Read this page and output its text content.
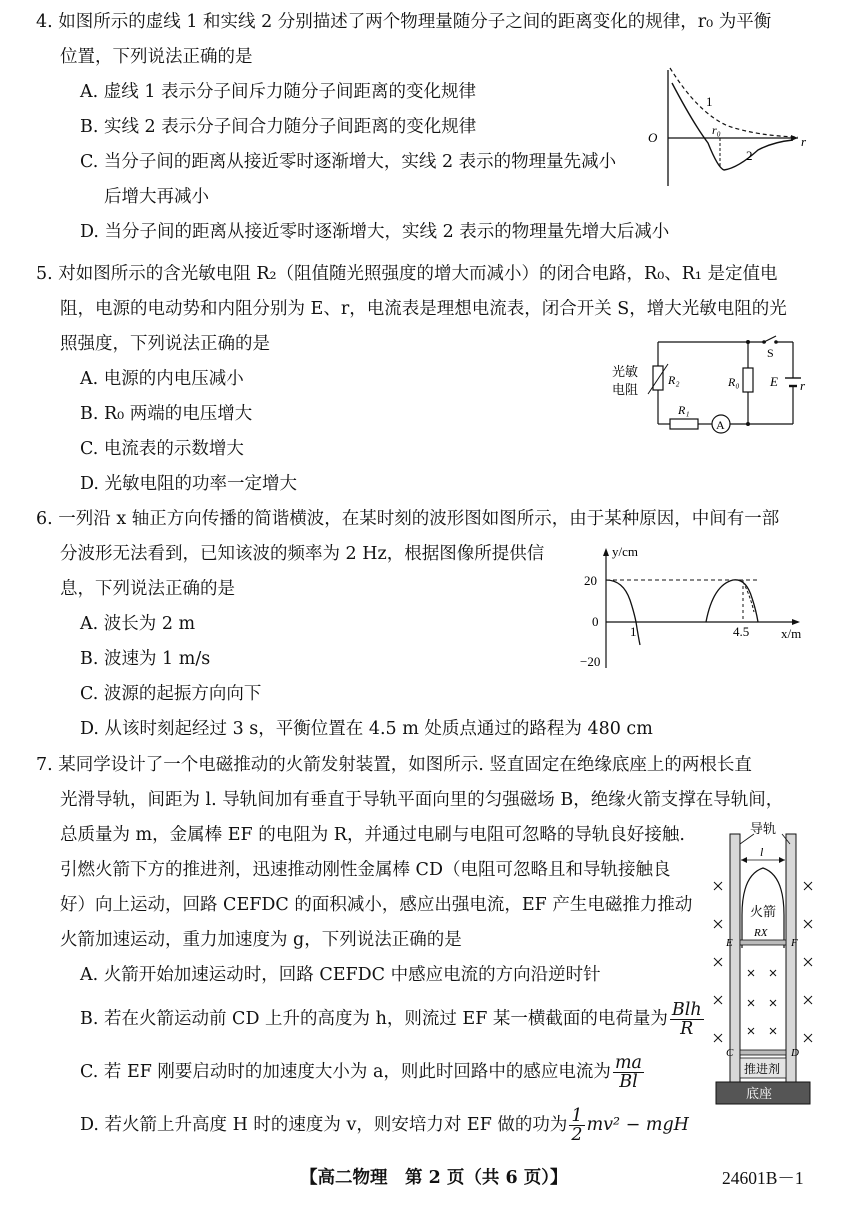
4. 如图所示的虚线 1 和实线 2 分别描述了两个物理量随分子之间的距离变化的规律，r₀ 为平衡
位置，下列说法正确的是
A. 虚线 1 表示分子间斥力随分子间距离的变化规律
B. 实线 2 表示分子间合力随分子间距离的变化规律
C. 当分子间的距离从接近零时逐渐增大，实线 2 表示的物理量先减小
后增大再减小
D. 当分子间的距离从接近零时逐渐增大，实线 2 表示的物理量先增大后减小
O	r
r₀
1
2
5. 对如图所示的含光敏电阻 R₂（阻值随光照强度的增大而减小）的闭合电路，R₀、R₁ 是定值电
阻，电源的电动势和内阻分别为 E、r，电流表是理想电流表，闭合开关 S，增大光敏电阻的光
照强度，下列说法正确的是
A. 电源的内电压减小
B. R₀ 两端的电压增大
C. 电流表的示数增大
D. 光敏电阻的功率一定增大
A
光敏
电阻
R₂	R₀
R₁
S
E r
6. 一列沿 x 轴正方向传播的简谐横波，在某时刻的波形图如图所示，由于某种原因，中间有一部
分波形无法看到，已知该波的频率为 2 Hz，根据图像所提供信
息，下列说法正确的是
A. 波长为 2 m
B. 波速为 1 m/s
C. 波源的起振方向向下
D. 从该时刻起经过 3 s，平衡位置在 4.5 m 处质点通过的路程为 480 cm
y/cm
x/m
20
0
−20
1	4.5
7. 某同学设计了一个电磁推动的火箭发射装置，如图所示. 竖直固定在绝缘底座上的两根长直
光滑导轨，间距为 l. 导轨间加有垂直于导轨平面向里的匀强磁场 B，绝缘火箭支撑在导轨间，
总质量为 m，金属棒 EF 的电阻为 R，并通过电刷与电阻可忽略的导轨良好接触.
引燃火箭下方的推进剂，迅速推动刚性金属棒 CD（电阻可忽略且和导轨接触良
好）向上运动，回路 CEFDC 的面积减小，感应出强电流，EF 产生电磁推力推动
火箭加速运动，重力加速度为 g，下列说法正确的是
A. 火箭开始加速运动时，回路 CEFDC 中感应电流的方向沿逆时针
B. 若在火箭运动前 CD 上升的高度为 h，则流过 EF 某一横截面的电荷量为 $\frac{\text{Blh}}{R}$
C. 若 EF 刚要启动时的加速度大小为 a，则此时回路中的感应电流为 $\frac{ma}{Bl}$
D. 若火箭上升高度 H 时的速度为 v，则安培力对 EF 做的功为 $\frac{1}{2} mv^2$ − mgH
导轨
l
火箭
RX
E	F
C	D
推进剂
底座
【高二物理　第 2 页（共 6 页）】	24601B－1
